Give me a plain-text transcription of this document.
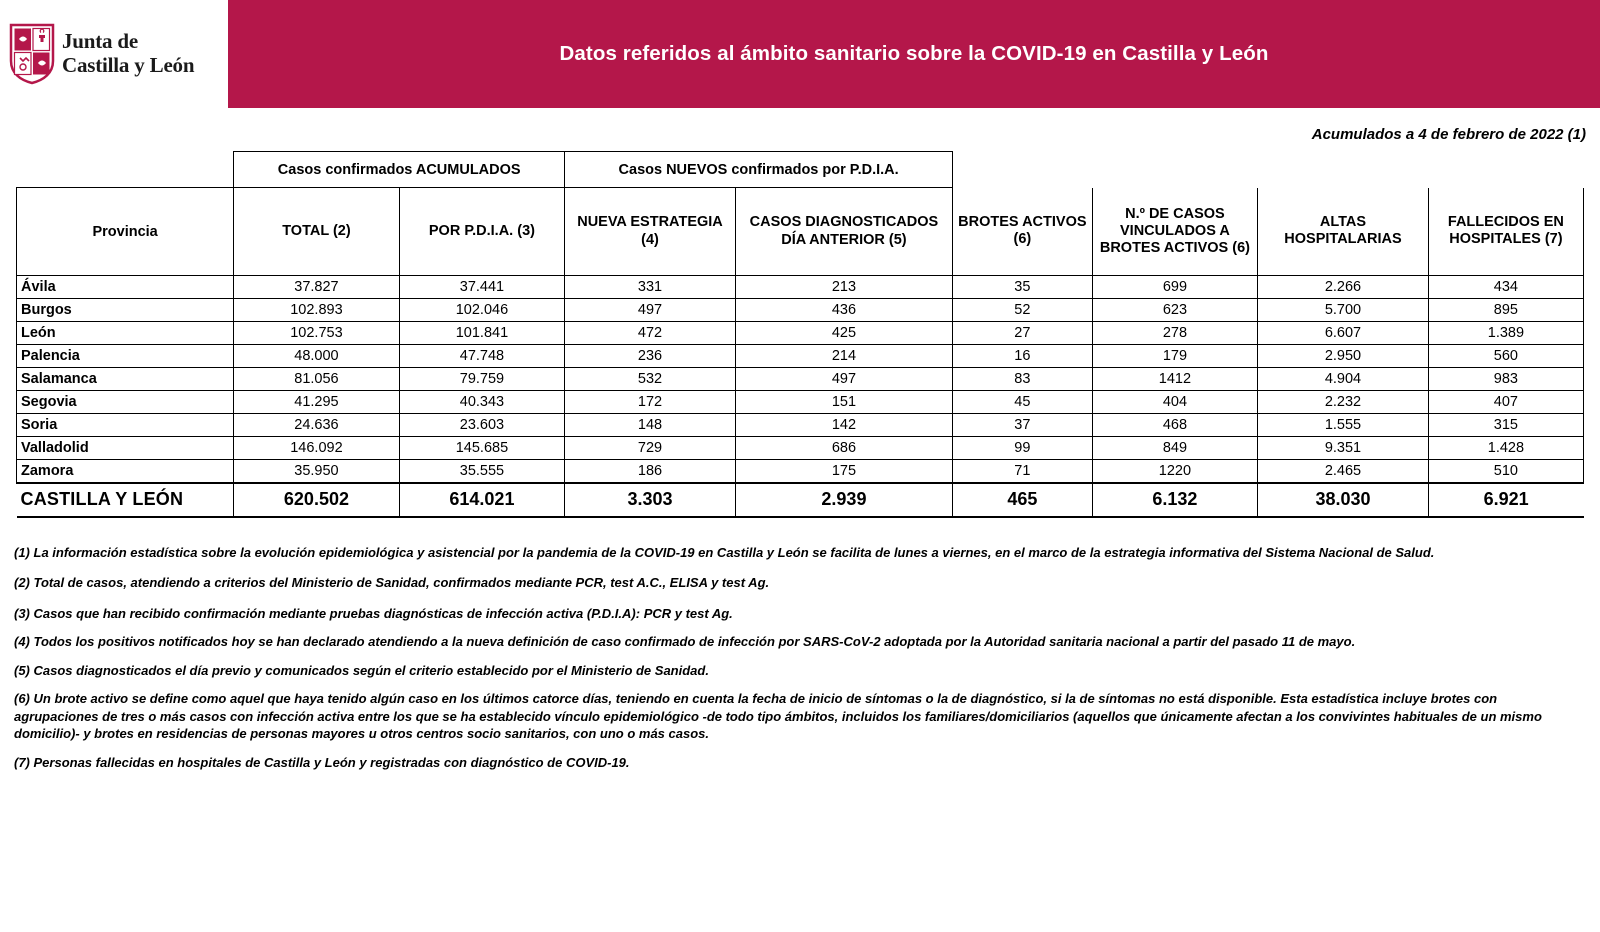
Junta de
Castilla y León	Datos referidos al ámbito sanitario sobre la COVID-19 en Castilla y León
Acumulados a 4 de febrero de 2022 (1)
	Casos confirmados ACUMULADOS		Casos NUEVOS confirmados por P.D.I.A.					
Provincia	TOTAL (2)	POR P.D.I.A. (3)	NUEVA ESTRATEGIA (4)	CASOS DIAGNOSTICADOS DÍA ANTERIOR (5)	BROTES ACTIVOS (6)	N.º DE CASOS VINCULADOS A BROTES ACTIVOS (6)	ALTAS HOSPITALARIAS	FALLECIDOS EN HOSPITALES (7)
Ávila	37.827	37.441	331	213	35	699	2.266	434
Burgos	102.893	102.046	497	436	52	623	5.700	895
León	102.753	101.841	472	425	27	278	6.607	1.389
Palencia	48.000	47.748	236	214	16	179	2.950	560
Salamanca	81.056	79.759	532	497	83	1412	4.904	983
Segovia	41.295	40.343	172	151	45	404	2.232	407
Soria	24.636	23.603	148	142	37	468	1.555	315
Valladolid	146.092	145.685	729	686	99	849	9.351	1.428
Zamora	35.950	35.555	186	175	71	1220	2.465	510
CASTILLA Y LEÓN	620.502	614.021	3.303	2.939	465	6.132	38.030	6.921
(1) La información estadística sobre la evolución epidemiológica y asistencial por la pandemia de la COVID-19 en Castilla y León se facilita de lunes a viernes, en el marco de la estrategia informativa del Sistema Nacional de Salud.
(2) Total de casos, atendiendo a criterios del Ministerio de Sanidad, confirmados mediante PCR, test A.C., ELISA y test Ag.
(3) Casos que han recibido confirmación mediante pruebas diagnósticas de infección activa (P.D.I.A): PCR y test Ag.
(4) Todos los positivos notificados hoy se han declarado atendiendo a la nueva definición de caso confirmado de infección por SARS-CoV-2 adoptada por la Autoridad sanitaria nacional a partir del pasado 11 de mayo.
(5) Casos diagnosticados el día previo y comunicados según el criterio establecido por el Ministerio de Sanidad.
(6) Un brote activo se define como aquel que haya tenido algún caso en los últimos catorce días, teniendo en cuenta la fecha de inicio de síntomas o la de diagnóstico, si la de síntomas no está disponible. Esta estadística incluye brotes con agrupaciones de tres o más casos con infección activa entre los que se ha establecido vínculo epidemiológico -de todo tipo ámbitos, incluidos los familiares/domiciliarios (aquellos que únicamente afectan a los convivintes habituales de un mismo domicilio)- y brotes en residencias de personas mayores u otros centros socio sanitarios, con uno o más casos.
(7) Personas fallecidas en hospitales de Castilla y León y registradas con diagnóstico de COVID-19.
